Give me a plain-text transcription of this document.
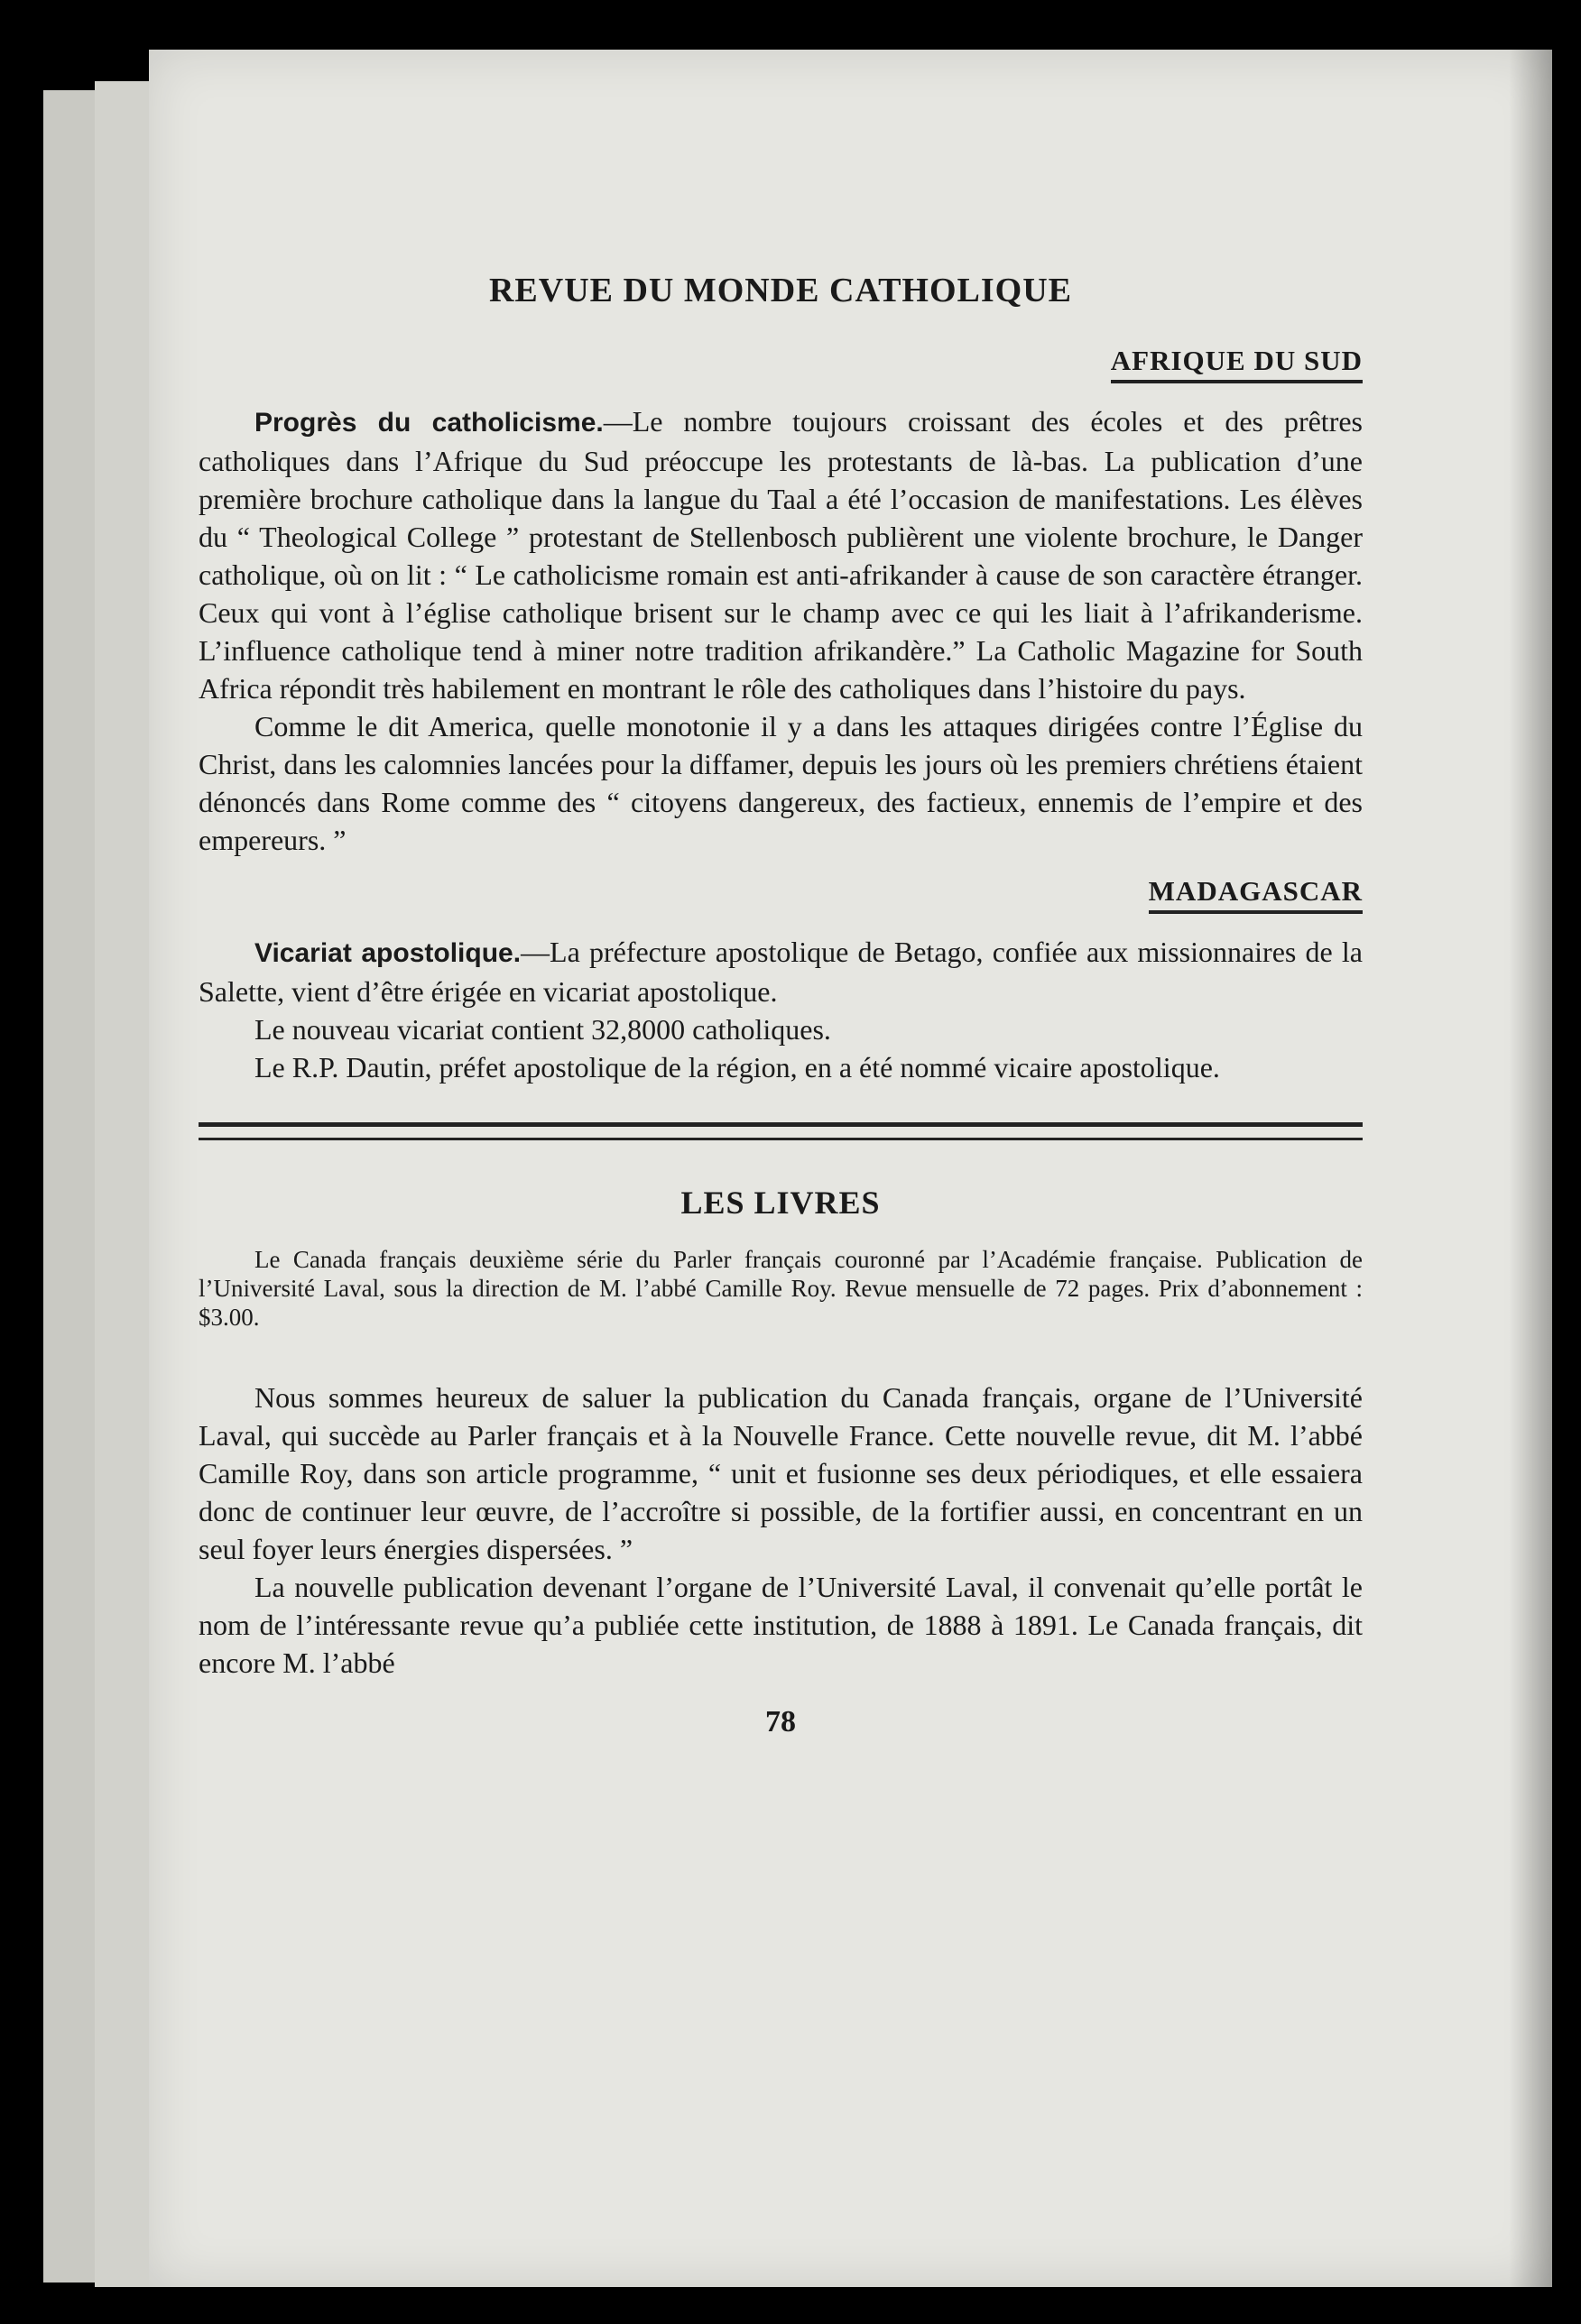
REVUE DU MONDE CATHOLIQUE
AFRIQUE DU SUD

Progrès du catholicisme.—Le nombre toujours croissant des écoles et des prêtres catholiques dans l’Afrique du Sud préoccupe les protestants de là-bas. La publication d’une première brochure catholique dans la langue du Taal a été l’occasion de manifestations. Les élèves du “ Theological College ” protestant de Stellenbosch publièrent une violente brochure, le Danger catholique, où on lit : “ Le catholicisme romain est anti-afrikander à cause de son caractère étranger. Ceux qui vont à l’église catholique brisent sur le champ avec ce qui les liait à l’afrikanderisme. L’influence catholique tend à miner notre tradition afrikandère.” La Catholic Magazine for South Africa répondit très habilement en montrant le rôle des catholiques dans l’histoire du pays.

Comme le dit America, quelle monotonie il y a dans les attaques dirigées contre l’Église du Christ, dans les calomnies lancées pour la diffamer, depuis les jours où les premiers chrétiens étaient dénoncés dans Rome comme des “ citoyens dangereux, des factieux, ennemis de l’empire et des empereurs. ”

MADAGASCAR

Vicariat apostolique.—La préfecture apostolique de Betago, confiée aux missionnaires de la Salette, vient d’être érigée en vicariat apostolique.

Le nouveau vicariat contient 32,8000 catholiques.

Le R.P. Dautin, préfet apostolique de la région, en a été nommé vicaire apostolique.

LES LIVRES

Le Canada français deuxième série du Parler français couronné par l’Académie française. Publication de l’Université Laval, sous la direction de M. l’abbé Camille Roy. Revue mensuelle de 72 pages. Prix d’abonnement : $3.00.

Nous sommes heureux de saluer la publication du Canada français, organe de l’Université Laval, qui succède au Parler français et à la Nouvelle France. Cette nouvelle revue, dit M. l’abbé Camille Roy, dans son article programme, “ unit et fusionne ses deux périodiques, et elle essaiera donc de continuer leur œuvre, de l’accroître si possible, de la fortifier aussi, en concentrant en un seul foyer leurs énergies dispersées. ”

La nouvelle publication devenant l’organe de l’Université Laval, il convenait qu’elle portât le nom de l’intéressante revue qu’a publiée cette institution, de 1888 à 1891. Le Canada français, dit encore M. l’abbé

78
